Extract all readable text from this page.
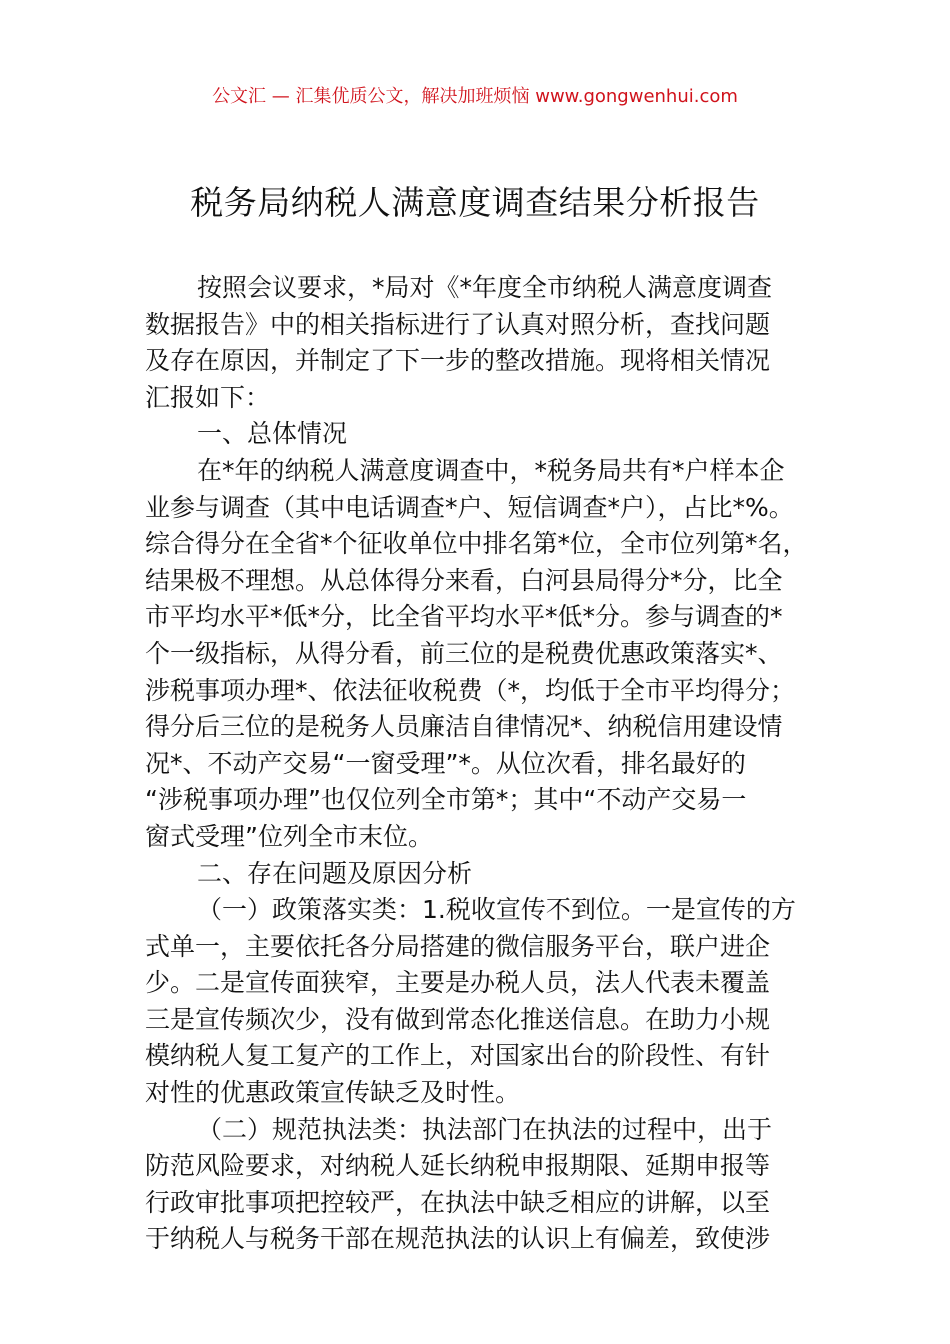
公文汇 — 汇集优质公文，解决加班烦恼 www.gongwenhui.com
税务局纳税人满意度调查结果分析报告
按照会议要求，*局对《*年度全市纳税人满意度调查
数据报告》中的相关指标进行了认真对照分析，查找问题
及存在原因，并制定了下一步的整改措施。现将相关情况
汇报如下：
一、总体情况
在*年的纳税人满意度调查中，*税务局共有*户样本企
业参与调查（其中电话调查*户、短信调查*户），占比*%。
综合得分在全省*个征收单位中排名第*位，全市位列第*名，
结果极不理想。从总体得分来看，白河县局得分*分，比全
市平均水平*低*分，比全省平均水平*低*分。参与调查的*
个一级指标，从得分看，前三位的是税费优惠政策落实*、
涉税事项办理*、依法征收税费（*，均低于全市平均得分；
得分后三位的是税务人员廉洁自律情况*、纳税信用建设情
况*、不动产交易“一窗受理”*。从位次看，排名最好的
“涉税事项办理”也仅位列全市第*；其中“不动产交易一
窗式受理”位列全市末位。
二、存在问题及原因分析
（一）政策落实类：1.税收宣传不到位。一是宣传的方
式单一，主要依托各分局搭建的微信服务平台，联户进企
少。二是宣传面狭窄，主要是办税人员，法人代表未覆盖
三是宣传频次少，没有做到常态化推送信息。在助力小规
模纳税人复工复产的工作上，对国家出台的阶段性、有针
对性的优惠政策宣传缺乏及时性。
（二）规范执法类：执法部门在执法的过程中，出于
防范风险要求，对纳税人延长纳税申报期限、延期申报等
行政审批事项把控较严，在执法中缺乏相应的讲解，以至
于纳税人与税务干部在规范执法的认识上有偏差，致使涉
